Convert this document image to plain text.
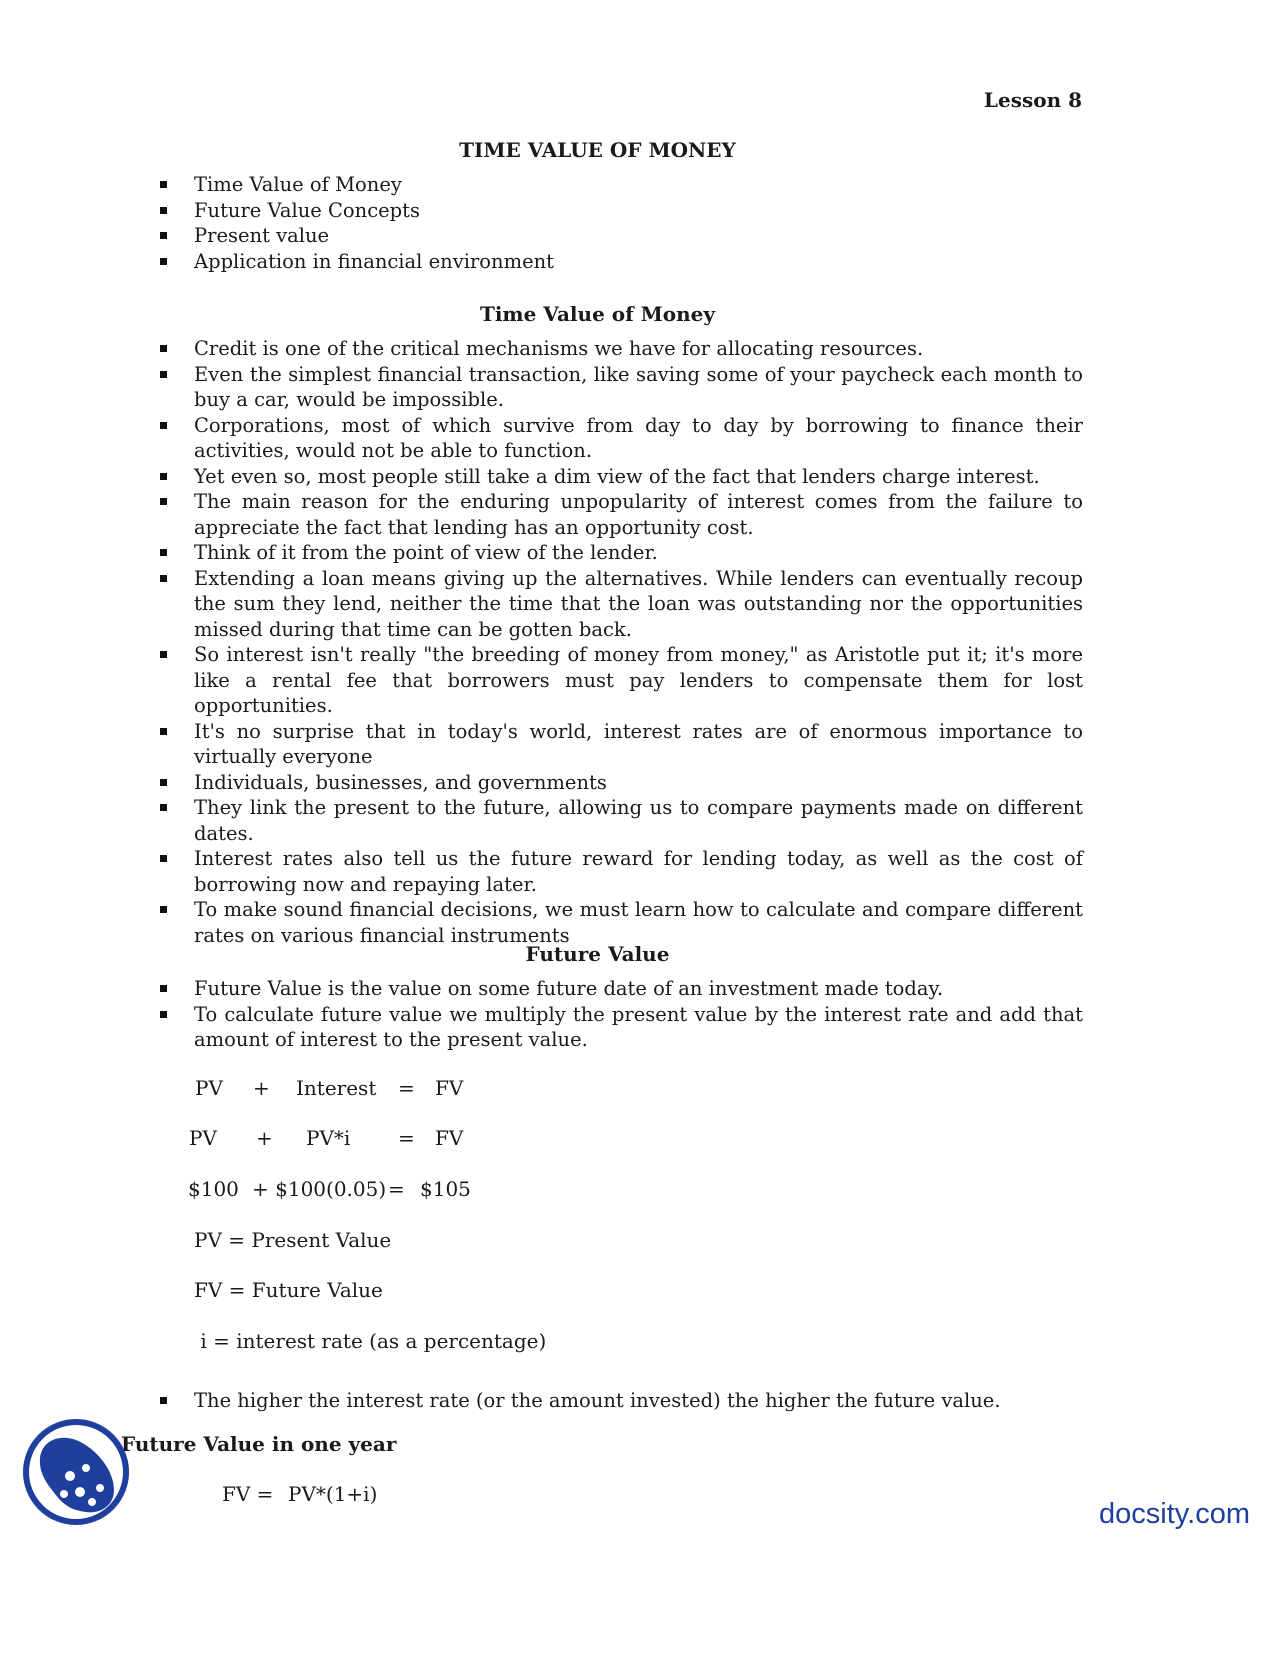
Lesson 8
TIME VALUE OF MONEY
Time Value of Money
Future Value Concepts
Present value
Application in financial environment
Time Value of Money
Credit is one of the critical mechanisms we have for allocating resources.
Even the simplest financial transaction, like saving some of your paycheck each month to buy a car, would be impossible.
Corporations, most of which survive from day to day by borrowing to finance their activities, would not be able to function.
Yet even so, most people still take a dim view of the fact that lenders charge interest.
The main reason for the enduring unpopularity of interest comes from the failure to appreciate the fact that lending has an opportunity cost.
Think of it from the point of view of the lender.
Extending a loan means giving up the alternatives. While lenders can eventually recoup the sum they lend, neither the time that the loan was outstanding nor the opportunities missed during that time can be gotten back.
So interest isn't really "the breeding of money from money," as Aristotle put it; it's more like a rental fee that borrowers must pay lenders to compensate them for lost opportunities.
It's no surprise that in today's world, interest rates are of enormous importance to virtually everyone
Individuals, businesses, and governments
They link the present to the future, allowing us to compare payments made on different dates.
Interest rates also tell us the future reward for lending today, as well as the cost of borrowing now and repaying later.
To make sound financial decisions, we must learn how to calculate and compare different rates on various financial instruments
Future Value
Future Value is the value on some future date of an investment made today.
To calculate future value we multiply the present value by the interest rate and add that amount of interest to the present value.

PV

+

Interest

=

FV

PV

+

PV*i

=

FV

$100

+ $100(0.05)

=

$105

PV = Present Value
FV = Future Value
i = interest rate (as a percentage)
The higher the interest rate (or the amount invested) the higher the future value.
Future Value in one year

FV =

PV*(1+i)

docsity.com
